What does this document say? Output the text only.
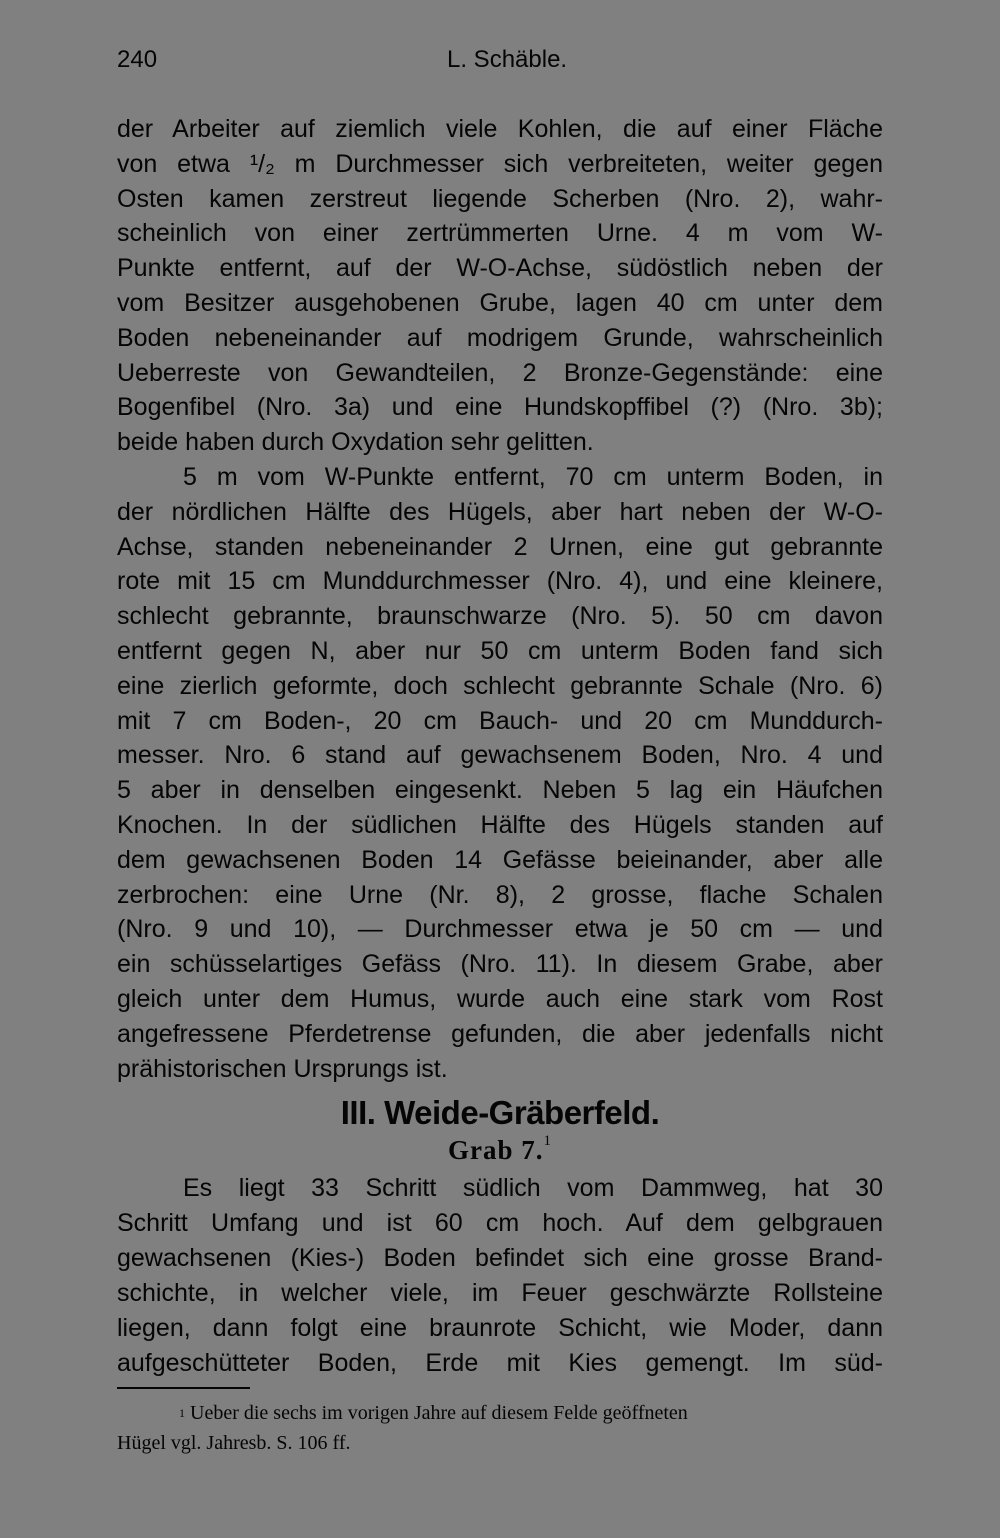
240	L. Schäble.
der Arbeiter auf ziemlich viele Kohlen, die auf einer Fläche
von etwa ¹/₂ m Durchmesser sich verbreiteten, weiter gegen
Osten kamen zerstreut liegende Scherben (Nro. 2), wahr-
scheinlich von einer zertrümmerten Urne. 4 m vom W-
Punkte entfernt, auf der W-O-Achse, südöstlich neben der
vom Besitzer ausgehobenen Grube, lagen 40 cm unter dem
Boden nebeneinander auf modrigem Grunde, wahrscheinlich
Ueberreste von Gewandteilen, 2 Bronze-Gegenstände: eine
Bogenfibel (Nro. 3a) und eine Hundskopffibel (?) (Nro. 3b);
beide haben durch Oxydation sehr gelitten.
5 m vom W-Punkte entfernt, 70 cm unterm Boden, in
der nördlichen Hälfte des Hügels, aber hart neben der W-O-
Achse, standen nebeneinander 2 Urnen, eine gut gebrannte
rote mit 15 cm Munddurchmesser (Nro. 4), und eine kleinere,
schlecht gebrannte, braunschwarze (Nro. 5). 50 cm davon
entfernt gegen N, aber nur 50 cm unterm Boden fand sich
eine zierlich geformte, doch schlecht gebrannte Schale (Nro. 6)
mit 7 cm Boden-, 20 cm Bauch- und 20 cm Munddurch-
messer. Nro. 6 stand auf gewachsenem Boden, Nro. 4 und
5 aber in denselben eingesenkt. Neben 5 lag ein Häufchen
Knochen. In der südlichen Hälfte des Hügels standen auf
dem gewachsenen Boden 14 Gefässe beieinander, aber alle
zerbrochen: eine Urne (Nr. 8), 2 grosse, flache Schalen
(Nro. 9 und 10), — Durchmesser etwa je 50 cm — und
ein schüsselartiges Gefäss (Nro. 11). In diesem Grabe, aber
gleich unter dem Humus, wurde auch eine stark vom Rost
angefressene Pferdetrense gefunden, die aber jedenfalls nicht
prähistorischen Ursprungs ist.
III. Weide-Gräberfeld.
Grab 7.$^1$
Es liegt 33 Schritt südlich vom Dammweg, hat 30
Schritt Umfang und ist 60 cm hoch. Auf dem gelbgrauen
gewachsenen (Kies-) Boden befindet sich eine grosse Brand-
schichte, in welcher viele, im Feuer geschwärzte Rollsteine
liegen, dann folgt eine braunrote Schicht, wie Moder, dann
aufgeschütteter Boden, Erde mit Kies gemengt. Im süd-
$^1$ Ueber die sechs im vorigen Jahre auf diesem Felde geöffneten
Hügel vgl. Jahresb. S. 106 ff.
